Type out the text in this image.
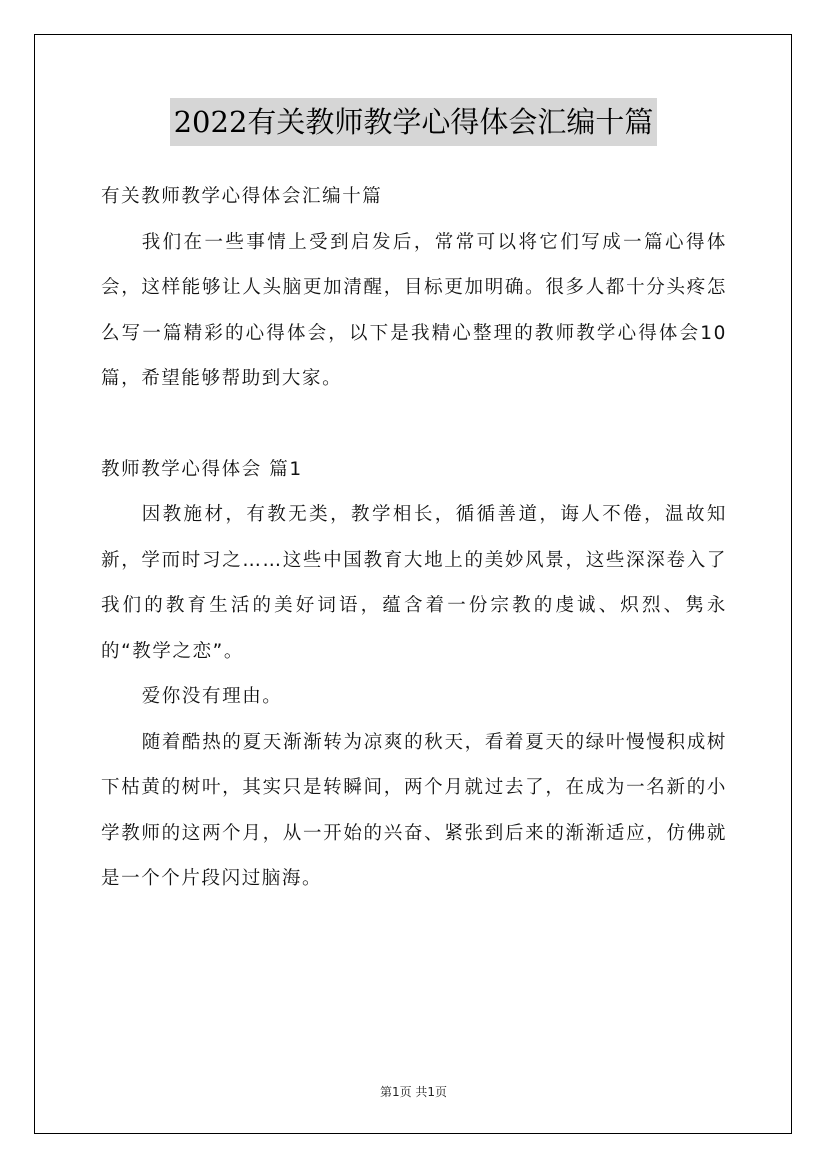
2022有关教师教学心得体会汇编十篇

有关教师教学心得体会汇编十篇

我们在一些事情上受到启发后，常常可以将它们写成一篇心得体会，这样能够让人头脑更加清醒，目标更加明确。很多人都十分头疼怎么写一篇精彩的心得体会，以下是我精心整理的教师教学心得体会10篇，希望能够帮助到大家。

教师教学心得体会 篇1

因教施材，有教无类，教学相长，循循善道，诲人不倦，温故知新，学而时习之……这些中国教育大地上的美妙风景，这些深深卷入了我们的教育生活的美好词语，蕴含着一份宗教的虔诚、炽烈、隽永的“教学之恋”。

爱你没有理由。

随着酷热的夏天渐渐转为凉爽的秋天，看着夏天的绿叶慢慢积成树下枯黄的树叶，其实只是转瞬间，两个月就过去了，在成为一名新的小学教师的这两个月，从一开始的兴奋、紧张到后来的渐渐适应，仿佛就是一个个片段闪过脑海。

第1页 共1页
